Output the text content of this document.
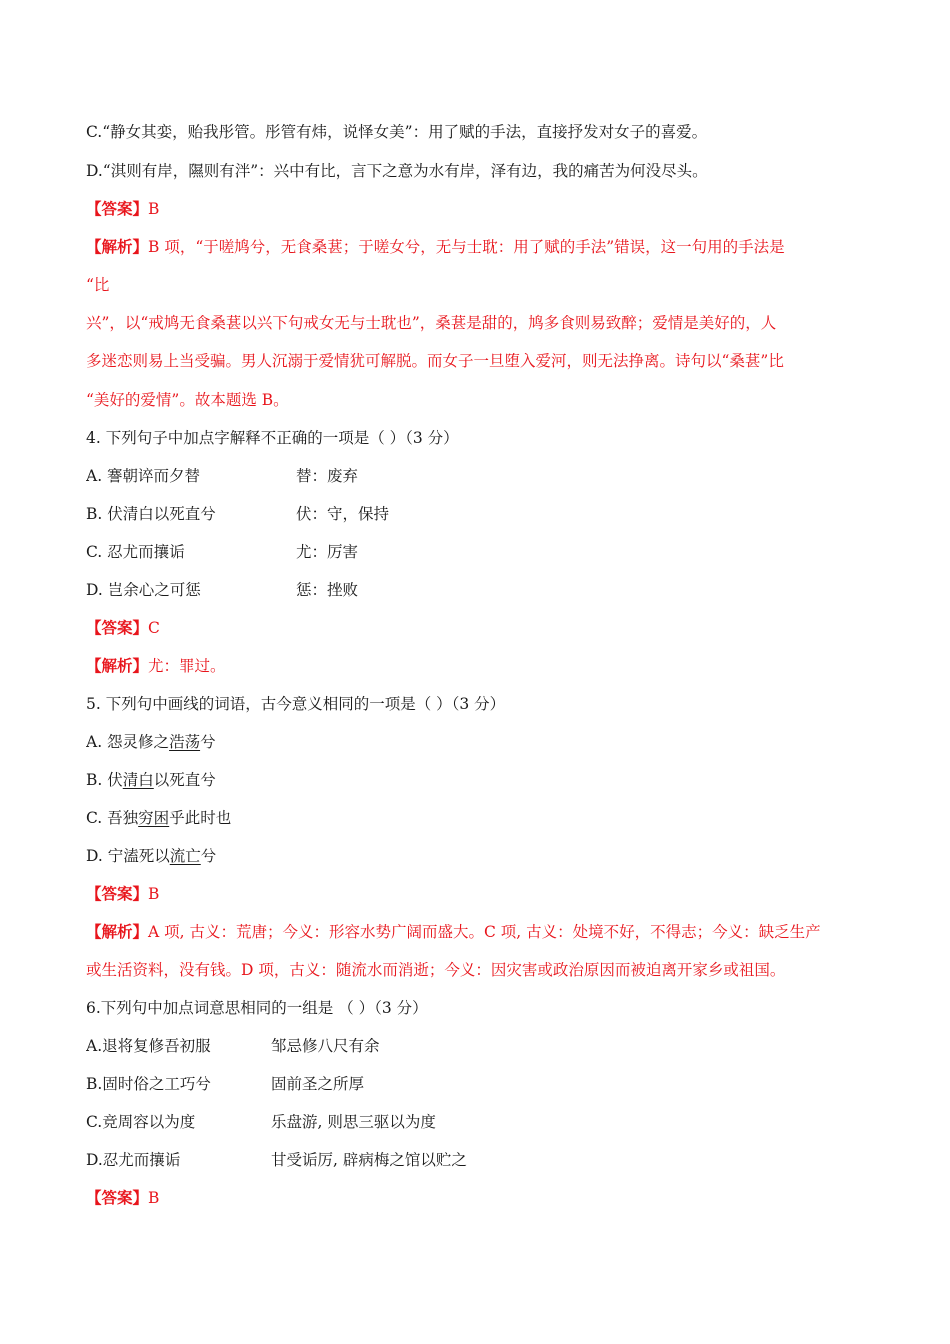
C.“静女其娈，贻我彤管。彤管有炜，说怿女美”：用了赋的手法，直接抒发对女子的喜爱。
D.“淇则有岸，隰则有泮”：兴中有比，言下之意为水有岸，泽有边，我的痛苦为何没尽头。
【答案】B
【解析】B 项，“于嗟鸠兮，无食桑葚；于嗟女兮，无与士耽：用了赋的手法”错误，这一句用的手法是
“比
兴”，以“戒鸠无食桑葚以兴下句戒女无与士耽也”，桑葚是甜的，鸠多食则易致醉；爱情是美好的，人
多迷恋则易上当受骗。男人沉溺于爱情犹可解脱。而女子一旦堕入爱河，则无法挣离。诗句以“桑葚”比
“美好的爱情”。故本题选 B。
4. 下列句子中加点字解释不正确的一项是（ ）（3 分）
A. 謇朝谇而夕替	替：废弃
B. 伏清白以死直兮	伏：守，保持
C. 忍尤而攘诟	尤：厉害
D. 岂余心之可惩	惩：挫败
【答案】C
【解析】尤：罪过。
5. 下列句中画线的词语，古今意义相同的一项是（ ）（3 分）
A. 怨灵修之浩荡兮
B. 伏清白以死直兮
C. 吾独穷困乎此时也
D. 宁溘死以流亡兮
【答案】B
【解析】A 项, 古义：荒唐；今义：形容水势广阔而盛大。C 项, 古义：处境不好，不得志；今义：缺乏生产
或生活资料，没有钱。D 项，古义：随流水而消逝；今义：因灾害或政治原因而被迫离开家乡或祖国。
6.下列句中加点词意思相同的一组是 （ ）（3 分）
A.退将复修吾初服	邹忌修八尺有余
B.固时俗之工巧兮	固前圣之所厚
C.竞周容以为度	乐盘游, 则思三驱以为度
D.忍尤而攘诟	甘受诟厉, 辟病梅之馆以贮之
【答案】B
